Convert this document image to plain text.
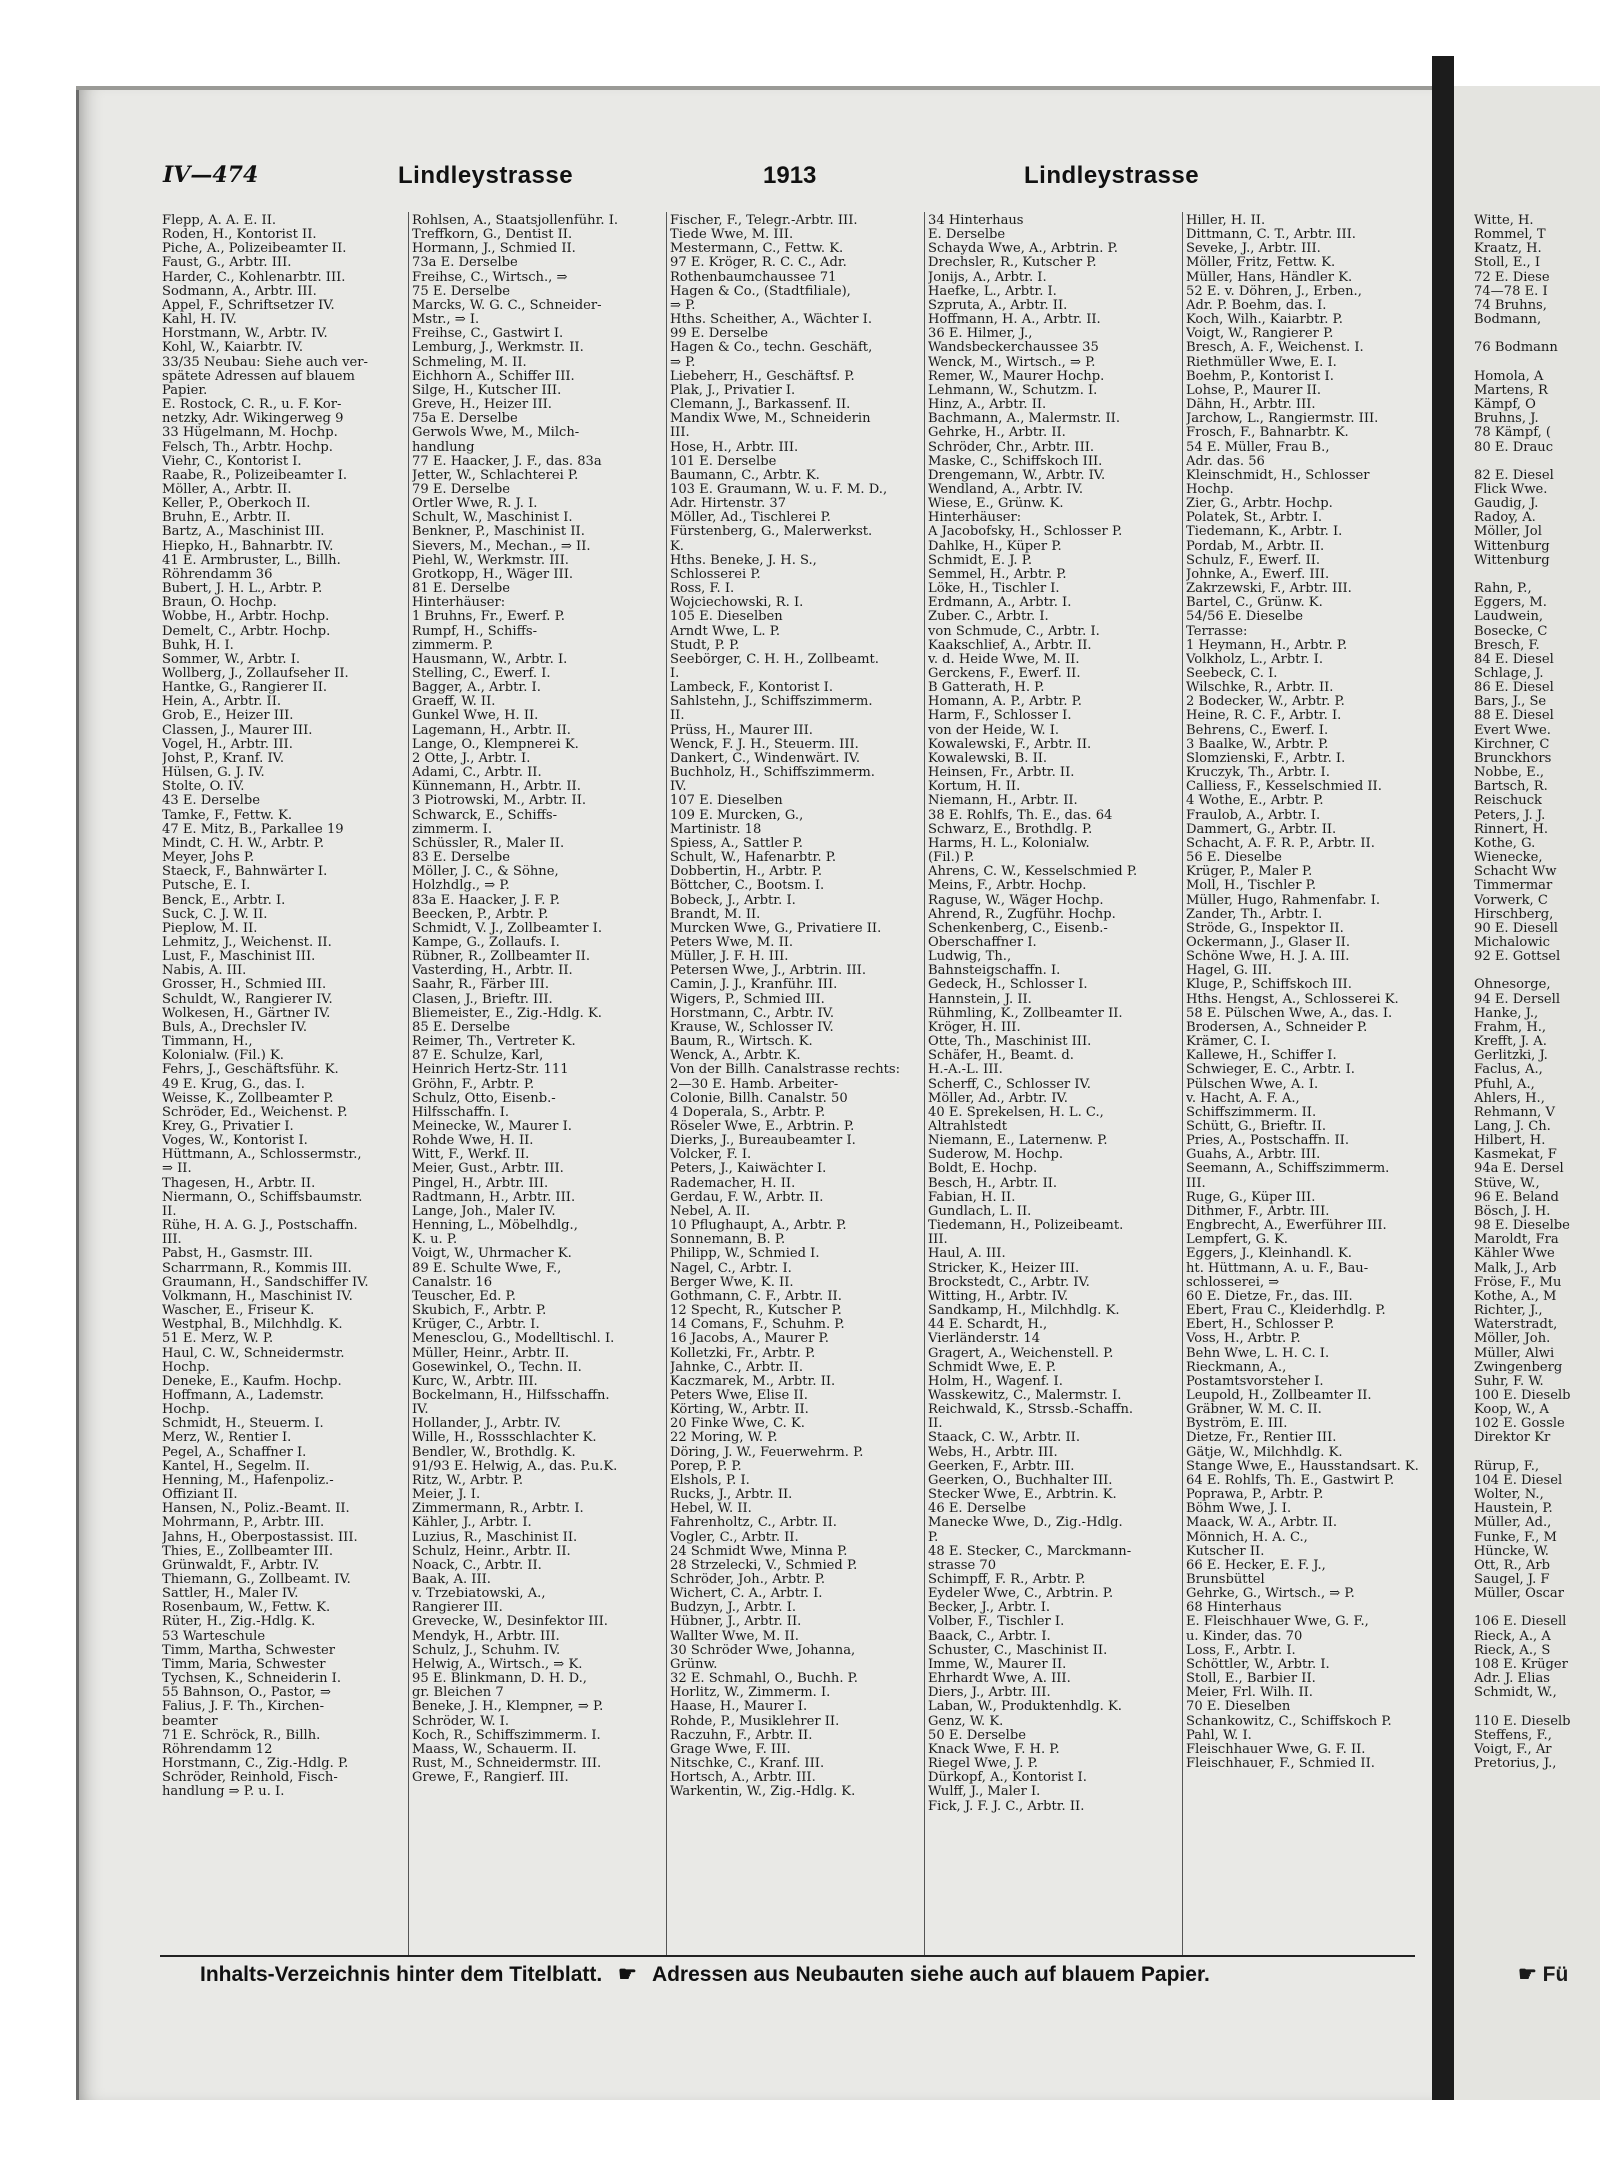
IV—474	Lindleystrasse	1913	Lindleystrasse
Flepp, A. A. E. II.
Roden, H., Kontorist II.
Piche, A., Polizeibeamter II.
Faust, G., Arbtr. III.
Harder, C., Kohlenarbtr. III.
Sodmann, A., Arbtr. III.
Appel, F., Schriftsetzer IV.
Kahl, H. IV.
Horstmann, W., Arbtr. IV.
Kohl, W., Kaiarbtr. IV.
33/35 Neubau: Siehe auch ver-
spätete Adressen auf blauem
Papier.
E. Rostock, C. R., u. F. Kor-
netzky, Adr. Wikingerweg 9
33 Hügelmann, M. Hochp.
Felsch, Th., Arbtr. Hochp.
Viehr, C., Kontorist I.
Raabe, R., Polizeibeamter I.
Möller, A., Arbtr. II.
Keller, P., Oberkoch II.
Bruhn, E., Arbtr. II.
Bartz, A., Maschinist III.
Hiepko, H., Bahnarbtr. IV.
41 E. Armbruster, L., Billh.
Röhrendamm 36
Bubert, J. H. L., Arbtr. P.
Braun, O. Hochp.
Wobbe, H., Arbtr. Hochp.
Demelt, C., Arbtr. Hochp.
Buhk, H. I.
Sommer, W., Arbtr. I.
Wollberg, J., Zollaufseher II.
Hantke, G., Rangierer II.
Hein, A., Arbtr. II.
Grob, E., Heizer III.
Classen, J., Maurer III.
Vogel, H., Arbtr. III.
Johst, P., Kranf. IV.
Hülsen, G. J. IV.
Stolte, O. IV.
43 E. Derselbe
Tamke, F., Fettw. K.
47 E. Mitz, B., Parkallee 19
Mindt, C. H. W., Arbtr. P.
Meyer, Johs P.
Staeck, F., Bahnwärter I.
Putsche, E. I.
Benck, E., Arbtr. I.
Suck, C. J. W. II.
Pieplow, M. II.
Lehmitz, J., Weichenst. II.
Lust, F., Maschinist III.
Nabis, A. III.
Grosser, H., Schmied III.
Schuldt, W., Rangierer IV.
Wolkesen, H., Gärtner IV.
Buls, A., Drechsler IV.
Timmann, H.,
Kolonialw. (Fil.) K.
Fehrs, J., Geschäftsführ. K.
49 E. Krug, G., das. I.
Weisse, K., Zollbeamter P.
Schröder, Ed., Weichenst. P.
Krey, G., Privatier I.
Voges, W., Kontorist I.
Hüttmann, A., Schlossermstr.,
⇒ II.
Thagesen, H., Arbtr. II.
Niermann, O., Schiffsbaumstr.
II.
Rühe, H. A. G. J., Postschaffn.
III.
Pabst, H., Gasmstr. III.
Scharrmann, R., Kommis III.
Graumann, H., Sandschiffer IV.
Volkmann, H., Maschinist IV.
Wascher, E., Friseur K.
Westphal, B., Milchhdlg. K.
51 E. Merz, W. P.
Haul, C. W., Schneidermstr.
Hochp.
Deneke, E., Kaufm. Hochp.
Hoffmann, A., Lademstr.
Hochp.
Schmidt, H., Steuerm. I.
Merz, W., Rentier I.
Pegel, A., Schaffner I.
Kantel, H., Segelm. II.
Henning, M., Hafenpoliz.-
Offiziant II.
Hansen, N., Poliz.-Beamt. II.
Mohrmann, P., Arbtr. III.
Jahns, H., Oberpostassist. III.
Thies, E., Zollbeamter III.
Grünwaldt, F., Arbtr. IV.
Thiemann, G., Zollbeamt. IV.
Sattler, H., Maler IV.
Rosenbaum, W., Fettw. K.
Rüter, H., Zig.-Hdlg. K.
53 Warteschule
Timm, Martha, Schwester
Timm, Maria, Schwester
Tychsen, K., Schneiderin I.
55 Bahnson, O., Pastor, ⇒
Falius, J. F. Th., Kirchen-
beamter
71 E. Schröck, R., Billh.
Röhrendamm 12
Horstmann, C., Zig.-Hdlg. P.
Schröder, Reinhold, Fisch-
handlung ⇒ P. u. I.
Rohlsen, A., Staatsjollenführ. I.
Treffkorn, G., Dentist II.
Hormann, J., Schmied II.
73a E. Derselbe
Freihse, C., Wirtsch., ⇒
75 E. Derselbe
Marcks, W. G. C., Schneider-
Mstr., ⇒ I.
Freihse, C., Gastwirt I.
Lemburg, J., Werkmstr. II.
Schmeling, M. II.
Eichhorn A., Schiffer III.
Silge, H., Kutscher III.
Greve, H., Heizer III.
75a E. Derselbe
Gerwols Wwe, M., Milch-
handlung
77 E. Haacker, J. F., das. 83a
Jetter, W., Schlachterei P.
79 E. Derselbe
Ortler Wwe, R. J. I.
Schult, W., Maschinist I.
Benkner, P., Maschinist II.
Sievers, M., Mechan., ⇒ II.
Piehl, W., Werkmstr. III.
Grotkopp, H., Wäger III.
81 E. Derselbe
Hinterhäuser:
1 Bruhns, Fr., Ewerf. P.
Rumpf, H., Schiffs-
zimmerm. P.
Hausmann, W., Arbtr. I.
Stelling, C., Ewerf. I.
Bagger, A., Arbtr. I.
Graeff, W. II.
Gunkel Wwe, H. II.
Lagemann, H., Arbtr. II.
Lange, O., Klempnerei K.
2 Otte, J., Arbtr. I.
Adami, C., Arbtr. II.
Künnemann, H., Arbtr. II.
3 Piotrowski, M., Arbtr. II.
Schwarck, E., Schiffs-
zimmerm. I.
Schüssler, R., Maler II.
83 E. Derselbe
Möller, J. C., & Söhne,
Holzhdlg., ⇒ P.
83a E. Haacker, J. F. P.
Beecken, P., Arbtr. P.
Schmidt, V. J., Zollbeamter I.
Kampe, G., Zollaufs. I.
Rübner, R., Zollbeamter II.
Vasterding, H., Arbtr. II.
Saahr, R., Färber III.
Clasen, J., Brieftr. III.
Bliemeister, E., Zig.-Hdlg. K.
85 E. Derselbe
Reimer, Th., Vertreter K.
87 E. Schulze, Karl,
Heinrich Hertz-Str. 111
Gröhn, F., Arbtr. P.
Schulz, Otto, Eisenb.-
Hilfsschaffn. I.
Meinecke, W., Maurer I.
Rohde Wwe, H. II.
Witt, F., Werkf. II.
Meier, Gust., Arbtr. III.
Pingel, H., Arbtr. III.
Radtmann, H., Arbtr. III.
Lange, Joh., Maler IV.
Henning, L., Möbelhdlg.,
K. u. P.
Voigt, W., Uhrmacher K.
89 E. Schulte Wwe, F.,
Canalstr. 16
Teuscher, Ed. P.
Skubich, F., Arbtr. P.
Krüger, C., Arbtr. I.
Menesclou, G., Modelltischl. I.
Müller, Heinr., Arbtr. II.
Gosewinkel, O., Techn. II.
Kurc, W., Arbtr. III.
Bockelmann, H., Hilfsschaffn.
IV.
Hollander, J., Arbtr. IV.
Wille, H., Rossschlachter K.
Bendler, W., Brothdlg. K.
91/93 E. Helwig, A., das. P.u.K.
Ritz, W., Arbtr. P.
Meier, J. I.
Zimmermann, R., Arbtr. I.
Kähler, J., Arbtr. I.
Luzius, R., Maschinist II.
Schulz, Heinr., Arbtr. II.
Noack, C., Arbtr. II.
Baak, A. III.
v. Trzebiatowski, A.,
Rangierer III.
Grevecke, W., Desinfektor III.
Mendyk, H., Arbtr. III.
Schulz, J., Schuhm. IV.
Helwig, A., Wirtsch., ⇒ K.
95 E. Blinkmann, D. H. D.,
gr. Bleichen 7
Beneke, J. H., Klempner, ⇒ P.
Schröder, W. I.
Koch, R., Schiffszimmerm. I.
Maass, W., Schauerm. II.
Rust, M., Schneidermstr. III.
Grewe, F., Rangierf. III.
Fischer, F., Telegr.-Arbtr. III.
Tiede Wwe, M. III.
Mestermann, C., Fettw. K.
97 E. Kröger, R. C. C., Adr.
Rothenbaumchaussee 71
Hagen & Co., (Stadtfiliale),
⇒ P.
Hths. Scheither, A., Wächter I.
99 E. Derselbe
Hagen & Co., techn. Geschäft,
⇒ P.
Liebeherr, H., Geschäftsf. P.
Plak, J., Privatier I.
Clemann, J., Barkassenf. II.
Mandix Wwe, M., Schneiderin
III.
Hose, H., Arbtr. III.
101 E. Derselbe
Baumann, C., Arbtr. K.
103 E. Graumann, W. u. F. M. D.,
Adr. Hirtenstr. 37
Möller, Ad., Tischlerei P.
Fürstenberg, G., Malerwerkst.
K.
Hths. Beneke, J. H. S.,
Schlosserei P.
Ross, F. I.
Wojciechowski, R. I.
105 E. Dieselben
Arndt Wwe, L. P.
Studt, P. P.
Seebörger, C. H. H., Zollbeamt.
I.
Lambeck, F., Kontorist I.
Sahlstehn, J., Schiffszimmerm.
II.
Prüss, H., Maurer III.
Wenck, F. J. H., Steuerm. III.
Dankert, C., Windenwärt. IV.
Buchholz, H., Schiffszimmerm.
IV.
107 E. Dieselben
109 E. Murcken, G.,
Martinistr. 18
Spiess, A., Sattler P.
Schult, W., Hafenarbtr. P.
Dobbertin, H., Arbtr. P.
Böttcher, C., Bootsm. I.
Bobeck, J., Arbtr. I.
Brandt, M. II.
Murcken Wwe, G., Privatiere II.
Peters Wwe, M. II.
Müller, J. F. H. III.
Petersen Wwe, J., Arbtrin. III.
Camin, J. J., Kranführ. III.
Wigers, P., Schmied III.
Horstmann, C., Arbtr. IV.
Krause, W., Schlosser IV.
Baum, R., Wirtsch. K.
Wenck, A., Arbtr. K.
Von der Billh. Canalstrasse rechts:
2—30 E. Hamb. Arbeiter-
Colonie, Billh. Canalstr. 50
4 Doperala, S., Arbtr. P.
Röseler Wwe, E., Arbtrin. P.
Dierks, J., Bureaubeamter I.
Volcker, F. I.
Peters, J., Kaiwächter I.
Rademacher, H. II.
Gerdau, F. W., Arbtr. II.
Nebel, A. II.
10 Pflughaupt, A., Arbtr. P.
Sonnemann, B. P.
Philipp, W., Schmied I.
Nagel, C., Arbtr. I.
Berger Wwe, K. II.
Gothmann, C. F., Arbtr. II.
12 Specht, R., Kutscher P.
14 Comans, F., Schuhm. P.
16 Jacobs, A., Maurer P.
Kolletzki, Fr., Arbtr. P.
Jahnke, C., Arbtr. II.
Kaczmarek, M., Arbtr. II.
Peters Wwe, Elise II.
Körting, W., Arbtr. II.
20 Finke Wwe, C. K.
22 Moring, W. P.
Döring, J. W., Feuerwehrm. P.
Porep, P. P.
Elshols, P. I.
Rucks, J., Arbtr. II.
Hebel, W. II.
Fahrenholtz, C., Arbtr. II.
Vogler, C., Arbtr. II.
24 Schmidt Wwe, Minna P.
28 Strzelecki, V., Schmied P.
Schröder, Joh., Arbtr. P.
Wichert, C. A., Arbtr. I.
Budzyn, J., Arbtr. I.
Hübner, J., Arbtr. II.
Wallter Wwe, M. II.
30 Schröder Wwe, Johanna,
Grünw.
32 E. Schmahl, O., Buchh. P.
Horlitz, W., Zimmerm. I.
Haase, H., Maurer I.
Rohde, P., Musiklehrer II.
Raczuhn, F., Arbtr. II.
Grage Wwe, F. III.
Nitschke, C., Kranf. III.
Hortsch, A., Arbtr. III.
Warkentin, W., Zig.-Hdlg. K.
34 Hinterhaus
E. Derselbe
Schayda Wwe, A., Arbtrin. P.
Drechsler, R., Kutscher P.
Jonijs, A., Arbtr. I.
Haefke, L., Arbtr. I.
Szpruta, A., Arbtr. II.
Hoffmann, H. A., Arbtr. II.
36 E. Hilmer, J.,
Wandsbeckerchaussee 35
Wenck, M., Wirtsch., ⇒ P.
Remer, W., Maurer Hochp.
Lehmann, W., Schutzm. I.
Hinz, A., Arbtr. II.
Bachmann, A., Malermstr. II.
Gehrke, H., Arbtr. II.
Schröder, Chr., Arbtr. III.
Maske, C., Schiffskoch III.
Drengemann, W., Arbtr. IV.
Wendland, A., Arbtr. IV.
Wiese, E., Grünw. K.
Hinterhäuser:
A Jacobofsky, H., Schlosser P.
Dahlke, H., Küper P.
Schmidt, E. J. P.
Semmel, H., Arbtr. P.
Löke, H., Tischler I.
Erdmann, A., Arbtr. I.
Zuber. C., Arbtr. I.
von Schmude, C., Arbtr. I.
Kaakschlief, A., Arbtr. II.
v. d. Heide Wwe, M. II.
Gerckens, F., Ewerf. II.
B Gatterath, H. P.
Homann, A. P., Arbtr. P.
Harm, F., Schlosser I.
von der Heide, W. I.
Kowalewski, F., Arbtr. II.
Kowalewski, B. II.
Heinsen, Fr., Arbtr. II.
Kortum, H. II.
Niemann, H., Arbtr. II.
38 E. Rohlfs, Th. E., das. 64
Schwarz, E., Brothdlg. P.
Harms, H. L., Kolonialw.
(Fil.) P.
Ahrens, C. W., Kesselschmied P.
Meins, F., Arbtr. Hochp.
Raguse, W., Wäger Hochp.
Ahrend, R., Zugführ. Hochp.
Schenkenberg, C., Eisenb.-
Oberschaffner I.
Ludwig, Th.,
Bahnsteigschaffn. I.
Gedeck, H., Schlosser I.
Hannstein, J. II.
Rühmling, K., Zollbeamter II.
Kröger, H. III.
Otte, Th., Maschinist III.
Schäfer, H., Beamt. d.
H.-A.-L. III.
Scherff, C., Schlosser IV.
Möller, Ad., Arbtr. IV.
40 E. Sprekelsen, H. L. C.,
Altrahlstedt
Niemann, E., Laternenw. P.
Suderow, M. Hochp.
Boldt, E. Hochp.
Besch, H., Arbtr. II.
Fabian, H. II.
Gundlach, L. II.
Tiedemann, H., Polizeibeamt.
III.
Haul, A. III.
Stricker, K., Heizer III.
Brockstedt, C., Arbtr. IV.
Witting, H., Arbtr. IV.
Sandkamp, H., Milchhdlg. K.
44 E. Schardt, H.,
Vierländerstr. 14
Gragert, A., Weichenstell. P.
Schmidt Wwe, E. P.
Holm, H., Wagenf. I.
Wasskewitz, C., Malermstr. I.
Reichwald, K., Strssb.-Schaffn.
II.
Staack, C. W., Arbtr. II.
Webs, H., Arbtr. III.
Geerken, F., Arbtr. III.
Geerken, O., Buchhalter III.
Stecker Wwe, E., Arbtrin. K.
46 E. Derselbe
Manecke Wwe, D., Zig.-Hdlg.
P.
48 E. Stecker, C., Marckmann-
strasse 70
Schimpff, F. R., Arbtr. P.
Eydeler Wwe, C., Arbtrin. P.
Becker, J., Arbtr. I.
Volber, F., Tischler I.
Baack, C., Arbtr. I.
Schuster, C., Maschinist II.
Imme, W., Maurer II.
Ehrhardt Wwe, A. III.
Diers, J., Arbtr. III.
Laban, W., Produktenhdlg. K.
Genz, W. K.
50 E. Derselbe
Knack Wwe, F. H. P.
Riegel Wwe, J. P.
Dürkopf, A., Kontorist I.
Wulff, J., Maler I.
Fick, J. F. J. C., Arbtr. II.
Hiller, H. II.
Dittmann, C. T., Arbtr. III.
Seveke, J., Arbtr. III.
Möller, Fritz, Fettw. K.
Müller, Hans, Händler K.
52 E. v. Döhren, J., Erben.,
Adr. P. Boehm, das. I.
Koch, Wilh., Kaiarbtr. P.
Voigt, W., Rangierer P.
Bresch, A. F., Weichenst. I.
Riethmüller Wwe, E. I.
Boehm, P., Kontorist I.
Lohse, P., Maurer II.
Dähn, H., Arbtr. III.
Jarchow, L., Rangiermstr. III.
Frosch, F., Bahnarbtr. K.
54 E. Müller, Frau B.,
Adr. das. 56
Kleinschmidt, H., Schlosser
Hochp.
Zier, G., Arbtr. Hochp.
Polatek, St., Arbtr. I.
Tiedemann, K., Arbtr. I.
Pordab, M., Arbtr. II.
Schulz, F., Ewerf. II.
Johnke, A., Ewerf. III.
Zakrzewski, F., Arbtr. III.
Bartel, C., Grünw. K.
54/56 E. Dieselbe
Terrasse:
1 Heymann, H., Arbtr. P.
Volkholz, L., Arbtr. I.
Seebeck, C. I.
Wilschke, R., Arbtr. II.
2 Bodecker, W., Arbtr. P.
Heine, R. C. F., Arbtr. I.
Behrens, C., Ewerf. I.
3 Baalke, W., Arbtr. P.
Slomzienski, F., Arbtr. I.
Kruczyk, Th., Arbtr. I.
Calliess, F., Kesselschmied II.
4 Wothe, E., Arbtr. P.
Fraulob, A., Arbtr. I.
Dammert, G., Arbtr. II.
Schacht, A. F. R. P., Arbtr. II.
56 E. Dieselbe
Krüger, P., Maler P.
Moll, H., Tischler P.
Müller, Hugo, Rahmenfabr. I.
Zander, Th., Arbtr. I.
Ströde, G., Inspektor II.
Ockermann, J., Glaser II.
Schöne Wwe, H. J. A. III.
Hagel, G. III.
Kluge, P., Schiffskoch III.
Hths. Hengst, A., Schlosserei K.
58 E. Pülschen Wwe, A., das. I.
Brodersen, A., Schneider P.
Krämer, C. I.
Kallewe, H., Schiffer I.
Schwieger, E. C., Arbtr. I.
Pülschen Wwe, A. I.
v. Hacht, A. F. A.,
Schiffszimmerm. II.
Schütt, G., Brieftr. II.
Pries, A., Postschaffn. II.
Guahs, A., Arbtr. III.
Seemann, A., Schiffszimmerm.
III.
Ruge, G., Küper III.
Dithmer, F., Arbtr. III.
Engbrecht, A., Ewerführer III.
Lempfert, G. K.
Eggers, J., Kleinhandl. K.
ht. Hüttmann, A. u. F., Bau-
schlosserei, ⇒
60 E. Dietze, Fr., das. III.
Ebert, Frau C., Kleiderhdlg. P.
Ebert, H., Schlosser P.
Voss, H., Arbtr. P.
Behn Wwe, L. H. C. I.
Rieckmann, A.,
Postamtsvorsteher I.
Leupold, H., Zollbeamter II.
Gräbner, W. M. C. II.
Byström, E. III.
Dietze, Fr., Rentier III.
Gätje, W., Milchhdlg. K.
Stange Wwe, E., Hausstandsart. K.
64 E. Rohlfs, Th. E., Gastwirt P.
Poprawa, P., Arbtr. P.
Böhm Wwe, J. I.
Maack, W. A., Arbtr. II.
Mönnich, H. A. C.,
Kutscher II.
66 E. Hecker, E. F. J.,
Brunsbüttel
Gehrke, G., Wirtsch., ⇒ P.
68 Hinterhaus
E. Fleischhauer Wwe, G. F.,
u. Kinder, das. 70
Loss, F., Arbtr. I.
Schöttler, W., Arbtr. I.
Stoll, E., Barbier II.
Meier, Frl. Wilh. II.
70 E. Dieselben
Schankowitz, C., Schiffskoch P.
Pahl, W. I.
Fleischhauer Wwe, G. F. II.
Fleischhauer, F., Schmied II.
Witte, H.
Rommel, T
Kraatz, H.
Stoll, E., I
72 E. Diese
74—78 E. I
74 Bruhns,
Bodmann,

76 Bodmann

Homola, A
Martens, R
Kämpf, O
Bruhns, J.
78 Kämpf, (
80 E. Drauc

82 E. Diesel
Flick Wwe.
Gaudig, J.
Radoy, A.
Möller, Jol
Wittenburg
Wittenburg

Rahn, P.,
Eggers, M.
Laudwein,
Bosecke, C
Bresch, F.
84 E. Diesel
Schlage, J.
86 E. Diesel
Bars, J., Se
88 E. Diesel
Evert Wwe.
Kirchner, C
Brunckhors
Nobbe, E.,
Bartsch, R.
Reischuck
Peters, J. J.
Rinnert, H.
Kothe, G.
Wienecke,
Schacht Ww
Timmermar
Vorwerk, C
Hirschberg,
90 E. Diesell
Michalowic
92 E. Gottsel

Ohnesorge,
94 E. Dersell
Hanke, J.,
Frahm, H.,
Krefft, J. A.
Gerlitzki, J.
Faclus, A.,
Pfuhl, A.,
Ahlers, H.,
Rehmann, V
Lang, J. Ch.
Hilbert, H.
Kasmekat, F
94a E. Dersel
Stüve, W.,
96 E. Beland
Bösch, J. H.
98 E. Dieselbe
Maroldt, Fra
Kähler Wwe
Malk, J., Arb
Fröse, F., Mu
Kothe, A., M
Richter, J.,
Waterstradt,
Möller, Joh.
Müller, Alwi
Zwingenberg
Suhr, F. W.
100 E. Dieselb
Koop, W., A
102 E. Gossle
Direktor Kr

Rürup, F.,
104 E. Diesel
Wolter, N.,
Haustein, P.
Müller, Ad.,
Funke, F., M
Hüncke, W.
Ott, R., Arb
Saugel, J. F
Müller, Oscar

106 E. Diesell
Rieck, A., A
Rieck, A., S
108 E. Krüger
Adr. J. Elias
Schmidt, W.,

110 E. Dieselb
Steffens, F.,
Voigt, F., Ar
Pretorius, J.,
Inhalts-Verzeichnis hinter dem Titelblatt. ☛ Adressen aus Neubauten siehe auch auf blauem Papier.	☛ Fü
